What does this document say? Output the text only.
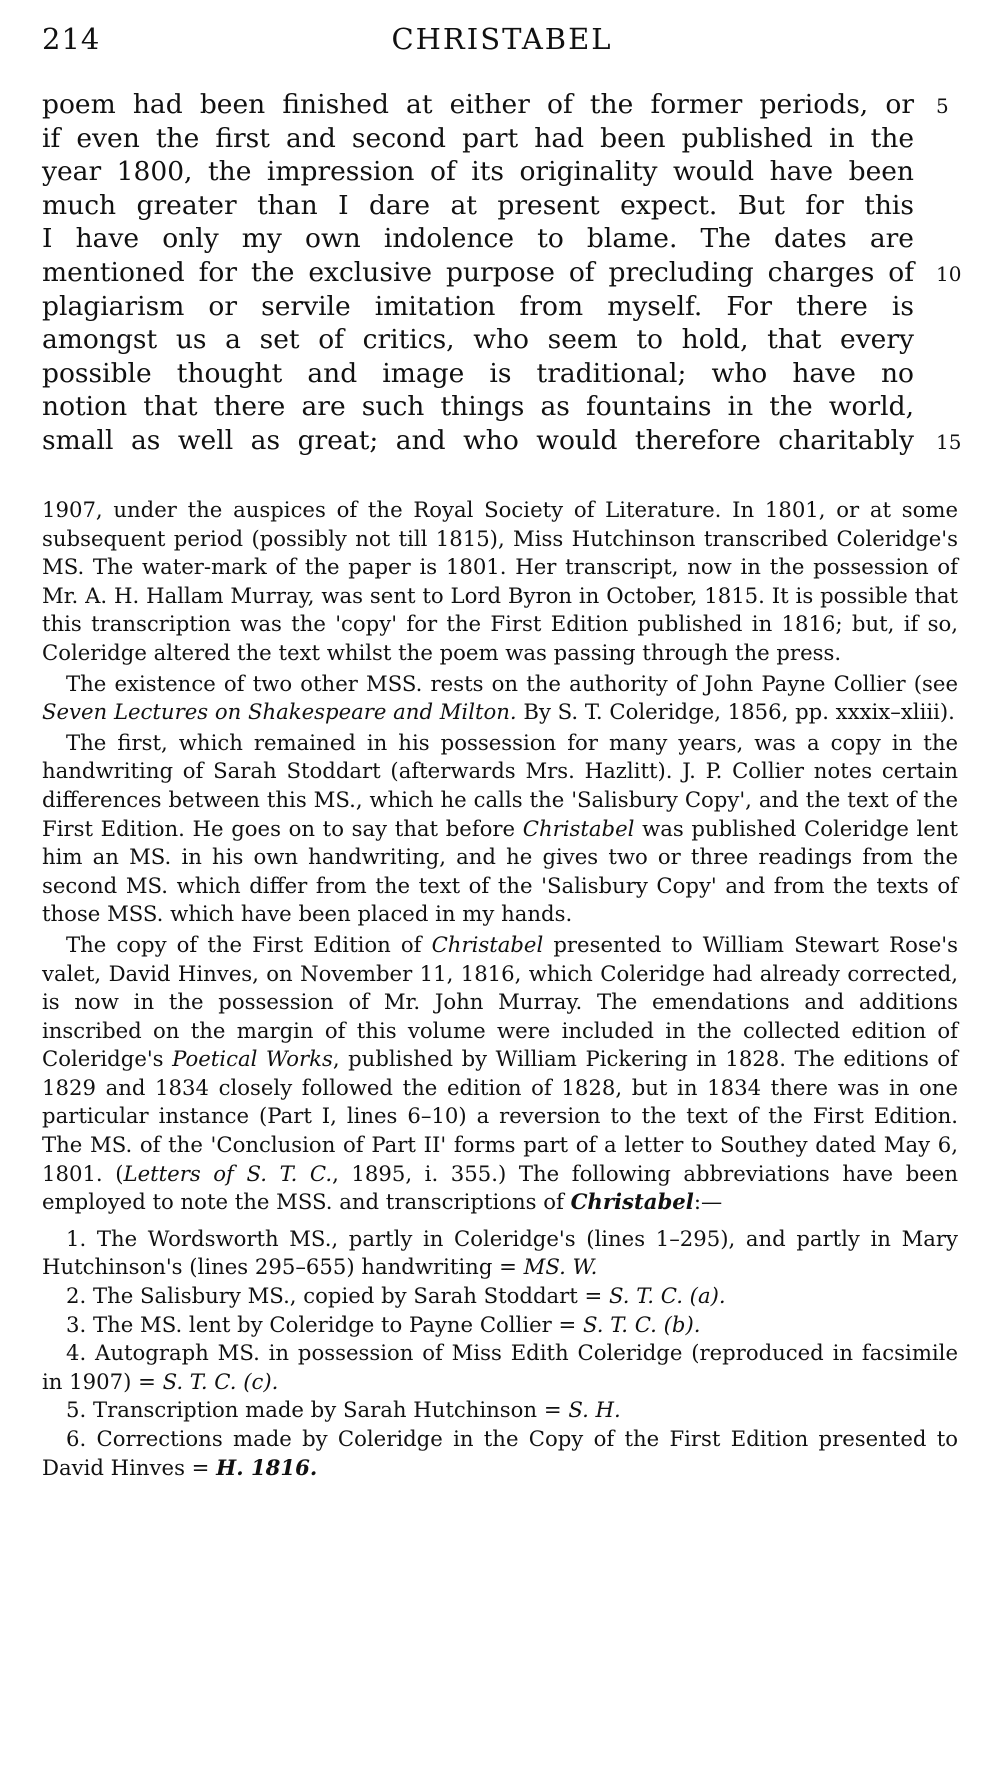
214	CHRISTABEL
poem had been finished at either of the former periods, or 5
if even the first and second part had been published in the
year 1800, the impression of its originality would have been
much greater than I dare at present expect. But for this
I have only my own indolence to blame. The dates are
mentioned for the exclusive purpose of precluding charges of 10
plagiarism or servile imitation from myself. For there is
amongst us a set of critics, who seem to hold, that every
possible thought and image is traditional; who have no
notion that there are such things as fountains in the world,
small as well as great; and who would therefore charitably 15

1907, under the auspices of the Royal Society of Literature. In 1801, or at some subsequent period (possibly not till 1815), Miss Hutchinson transcribed Coleridge's MS. The water-mark of the paper is 1801. Her transcript, now in the possession of Mr. A. H. Hallam Murray, was sent to Lord Byron in October, 1815. It is possible that this transcription was the 'copy' for the First Edition published in 1816; but, if so, Coleridge altered the text whilst the poem was passing through the press.

The existence of two other MSS. rests on the authority of John Payne Collier (see Seven Lectures on Shakespeare and Milton. By S. T. Coleridge, 1856, pp. xxxix–xliii).

The first, which remained in his possession for many years, was a copy in the handwriting of Sarah Stoddart (afterwards Mrs. Hazlitt). J. P. Collier notes certain differences between this MS., which he calls the 'Salisbury Copy', and the text of the First Edition. He goes on to say that before Christabel was published Coleridge lent him an MS. in his own handwriting, and he gives two or three readings from the second MS. which differ from the text of the 'Salisbury Copy' and from the texts of those MSS. which have been placed in my hands.

The copy of the First Edition of Christabel presented to William Stewart Rose's valet, David Hinves, on November 11, 1816, which Coleridge had already corrected, is now in the possession of Mr. John Murray. The emendations and additions inscribed on the margin of this volume were included in the collected edition of Coleridge's Poetical Works, published by William Pickering in 1828. The editions of 1829 and 1834 closely followed the edition of 1828, but in 1834 there was in one particular instance (Part I, lines 6–10) a reversion to the text of the First Edition. The MS. of the 'Conclusion of Part II' forms part of a letter to Southey dated May 6, 1801. (Letters of S. T. C., 1895, i. 355.) The following abbreviations have been employed to note the MSS. and transcriptions of Christabel:—

1. The Wordsworth MS., partly in Coleridge's (lines 1–295), and partly in Mary Hutchinson's (lines 295–655) handwriting = MS. W.

2. The Salisbury MS., copied by Sarah Stoddart = S. T. C. (a).

3. The MS. lent by Coleridge to Payne Collier = S. T. C. (b).

4. Autograph MS. in possession of Miss Edith Coleridge (reproduced in facsimile in 1907) = S. T. C. (c).

5. Transcription made by Sarah Hutchinson = S. H.

6. Corrections made by Coleridge in the Copy of the First Edition presented to David Hinves = H. 1816.
